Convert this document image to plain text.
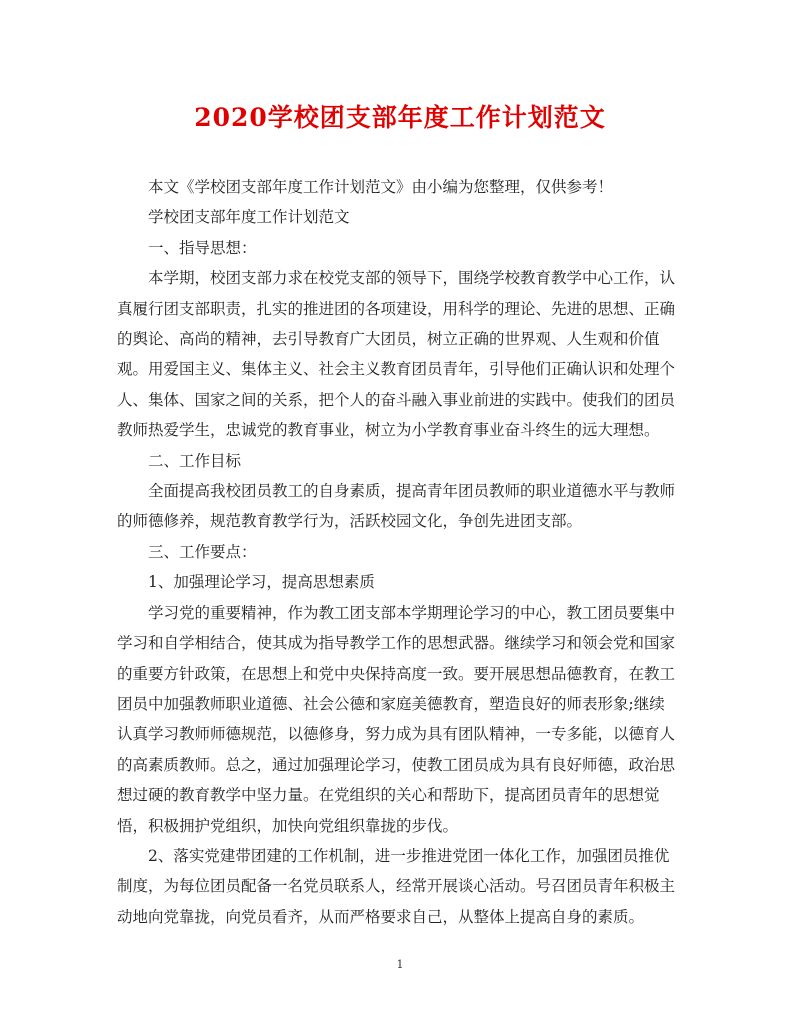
2020学校团支部年度工作计划范文

本文《学校团支部年度工作计划范文》由小编为您整理，仅供参考！

学校团支部年度工作计划范文

一、指导思想：

本学期，校团支部力求在校党支部的领导下，围绕学校教育教学中心工作，认真履行团支部职责，扎实的推进团的各项建设，用科学的理论、先进的思想、正确的舆论、高尚的精神，去引导教育广大团员，树立正确的世界观、人生观和价值观。用爱国主义、集体主义、社会主义教育团员青年，引导他们正确认识和处理个人、集体、国家之间的关系，把个人的奋斗融入事业前进的实践中。使我们的团员教师热爱学生，忠诚党的教育事业，树立为小学教育事业奋斗终生的远大理想。

二、工作目标

全面提高我校团员教工的自身素质，提高青年团员教师的职业道德水平与教师的师德修养，规范教育教学行为，活跃校园文化，争创先进团支部。

三、工作要点：

1、加强理论学习，提高思想素质

学习党的重要精神，作为教工团支部本学期理论学习的中心，教工团员要集中学习和自学相结合，使其成为指导教学工作的思想武器。继续学习和领会党和国家的重要方针政策，在思想上和党中央保持高度一致。要开展思想品德教育，在教工团员中加强教师职业道德、社会公德和家庭美德教育，塑造良好的师表形象;继续认真学习教师师德规范，以德修身，努力成为具有团队精神，一专多能，以德育人的高素质教师。总之，通过加强理论学习，使教工团员成为具有良好师德，政治思想过硬的教育教学中坚力量。在党组织的关心和帮助下，提高团员青年的思想觉悟，积极拥护党组织，加快向党组织靠拢的步伐。

2、落实党建带团建的工作机制，进一步推进党团一体化工作，加强团员推优制度，为每位团员配备一名党员联系人，经常开展谈心活动。号召团员青年积极主动地向党靠拢，向党员看齐，从而严格要求自己，从整体上提高自身的素质。

1
